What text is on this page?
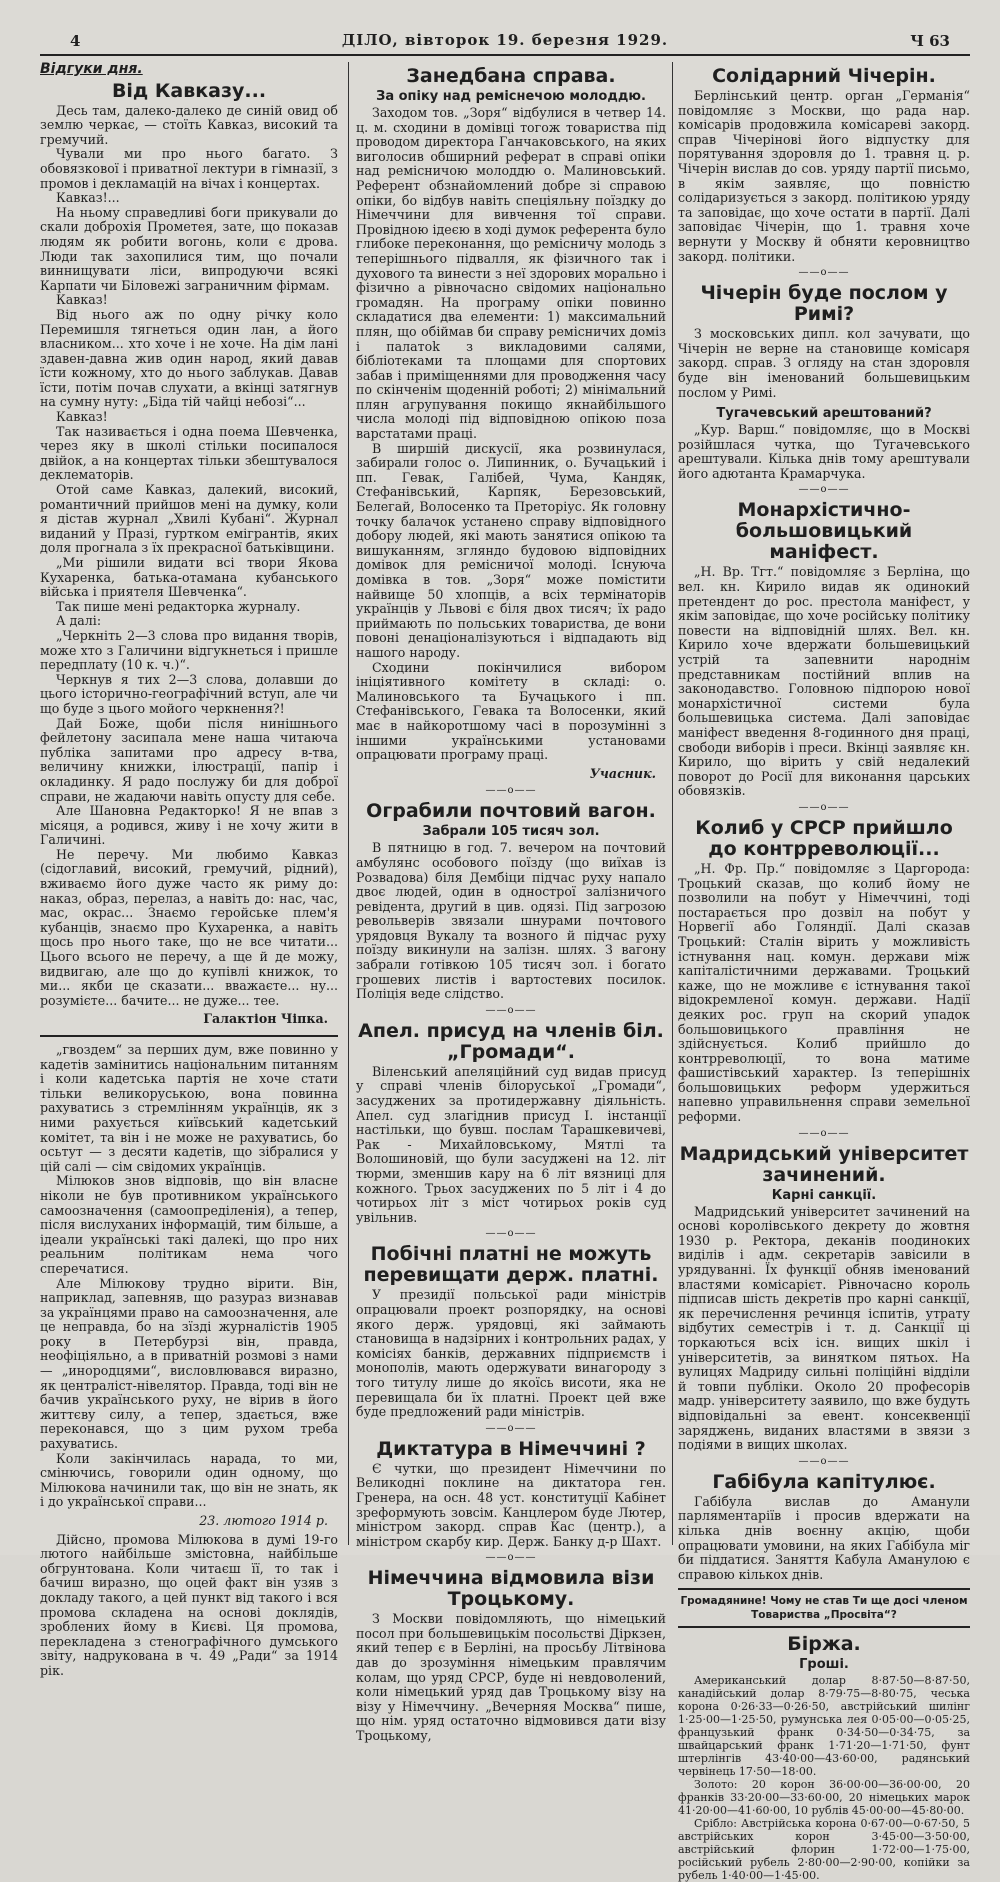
4	ДІЛО, вівторок 19. березня 1929.	Ч 63
Відгуки дня.
Від Кавказу...

Десь там, далеко-далеко де синій овид об землю черкає, — стоїть Кавказ, високий та гремучий.

Чували ми про нього багато. З обовязкової і приватної лектури в гімназії, з промов і декламацій на вічах і концертах.

Кавказ!...

На ньому справедливі боги прикували до скали доброхія Прометея, зате, що показав людям як робити вогонь, коли є дрова. Люди так захопилися тим, що почали виннищувати ліси, випродуючи всякі Карпати чи Біловежі заграничним фірмам.

Кавказ!

Від нього аж по одну річку коло Перемишля тягнеться один лан, а його власником... хто хоче і не хоче. На дім лані здавен-давна жив один народ, який давав їсти кожному, хто до нього заблукав. Давав їсти, потім почав слухати, а вкінці затягнув на сумну нуту: „Біда тій чайці небозі“...

Кавказ!

Так називається і одна поема Шевченка, через яку в школі стільки посипалося двійок, а на концертах тільки збештувалося деклематорів.

Отой саме Кавказ, далекий, високий, романтичний прийшов мені на думку, коли я дістав журнал „Хвилі Кубані“. Журнал виданий у Празі, гуртком емігрантів, яких доля прогнала з їх прекрасної батьківщини.

„Ми рішили видати всі твори Якова Кухаренка, батька-отамана кубанського війська і приятеля Шевченка“.

Так пише мені редакторка журналу.

А далі:

„Черкніть 2—3 слова про видання творів, може хто з Галичини відгукнеться і пришле передплату (10 к. ч.)“.

Черкнув я тих 2—3 слова, долавши до цього історично-географічний вступ, але чи що буде з цього мойого черкнення?!

Дай Боже, щоби після нинішнього фейлетону засипала мене наша читаюча публіка запитами про адресу в-тва, величину книжки, ілюстрації, папір і окладинку. Я радо послужу би для доброї справи, не жадаючи навіть опусту для себе.

Але Шановна Редакторко! Я не впав з місяця, а родився, живу і не хочу жити в Галичині.

Не перечу. Ми любимо Кавказ (сідоглавий, високий, гремучий, рідний), вживаємо його дуже часто як риму до: наказ, образ, перелаз, а навіть до: нас, час, мас, окрас... Знаємо геройське плем'я кубанців, знаємо про Кухаренка, а навіть щось про нього таке, що не все читати... Цього всього не перечу, а ще й де можу, видвигаю, але що до купівлі книжок, то ми... якби це сказати... вважаєте... ну... розумієте... бачите... не дуже... тее.

Галактіон Чіпка.

„гвоздем“ за перших дум, вже повинно у кадетів замінитись національним питанням і коли кадетська партія не хоче стати тільки великоруською, вона повинна рахуватись з стремлінням українців, як з ними рахується київський кадетський комітет, та він і не може не рахуватись, бо осьтут — з десяти кадетів, що зібралися у цій салі — сім свідомих українців.

Мілюков знов відповів, що він власне ніколи не був противником українського самоозначення (самоопреділенія), а тепер, після вислуханих інформацій, тим більше, а ідеали українські такі далекі, що про них реальним політикам нема чого сперечатися.

Але Мілюкову трудно вірити. Він, наприклад, запевняв, що разураз визнавав за українцями право на самоозначення, але це неправда, бо на зїзді журналістів 1905 року в Петербурзі він, правда, неофіціяльно, а в приватній розмові з нами — „инородцями“, висловлювався виразно, як централіст-нівелятор. Правда, тоді він не бачив українського руху, не вірив в його життєву силу, а тепер, здається, вже переконався, що з цим рухом треба рахуватись.

Коли закінчилась нарада, то ми, смінючись, говорили один одному, що Мілюкова начинили так, що він не знать, як і до української справи...

23. лютого 1914 р.

Дійсно, промова Мілюкова в думі 19-го лютого найбільше змістовна, найбільше обгрунтована. Коли читаєш її, то так і бачиш виразно, що оцей факт він узяв з докладу такого, а цей пункт від такого і вся промова складена на основі доклядів, зроблених йому в Києві. Ця промова, перекладена з стенографічного думського звіту, надрукована в ч. 49 „Ради“ за 1914 рік.

Занедбана справа.
За опіку над реміснечою молоддю.

Заходом тов. „Зоря“ відбулися в четвер 14. ц. м. сходини в домівці тогож товариства під проводом директора Ганчаковського, на яких виголосив обширний реферат в справі опіки над ремісничою молоддю о. Малиновський. Референт обзнайомлений добре зі справою опіки, бо відбув навіть спеціяльну поїздку до Німеччини для вивчення тої справи. Провідною ідеєю в ході думок референта було глибоке переконання, що ремісничу молодь з теперішнього підвалля, як фізичного так і духового та винести з неї здорових морально і фізично а рівночасно свідомих національно громадян. На програму опіки повинно складатися два елементи: 1) максимальний плян, що обіймав би справу ремісничих доміз і палатоk з викладовими салями, бібліотеками та площами для спортових забав і приміщеннями для проводження часу по скінченім щоденній роботі; 2) мінімальний плян агрупування покищо якнайбільшого числа молоді під відповідною опікою поза варстатами праці.

В ширшій дискусії, яка розвинулася, забирали голос о. Липинник, о. Бучацький і пп. Гевак, Галібей, Чума, Кандяк, Стефанівський, Карпяк, Березовський, Белегай, Волосенко та Преторіус. Як головну точку балачок устанено справу відповідного добору людей, які мають занятися опікою та вишуканням, згляндо будовою відповідних домівок для ремісничої молоді. Існуюча домівка в тов. „Зоря“ може помістити найвище 50 хлопців, а всіх термінаторів українців у Львові є біля двох тисяч; їх радо приймають по польських товариства, де вони повоні денаціоналізуються і відпадають від нашого народу.

Сходини покінчилися вибором ініціятивного комітету в складі: о. Малиновського та Бучацького і пп. Стефанівського, Гевака та Волосенки, який має в найкоротшому часі в порозумінні з іншими українськими установами опрацювати програму праці.

Учасник.
——o——
Ограбили почтовий вагон.
Забрали 105 тисяч зол.

В пятницю в год. 7. вечером на почтовий амбулянс особового поїзду (що виїхав із Розвадова) біля Дембіци підчас руху напало двоє людей, один в однострої залізничого ревідента, другий в цив. одязі. Під загрозою револьверів звязали шнурами почтового урядовця Вукалу та возного й підчас руху поїзду викинули на залізн. шлях. З вагону забрали готівкою 105 тисяч зол. і богато грошевих листів і вартостевих посилок. Поліція веде слідство.

——o——
Апел. присуд на членів біл. „Громади“.

Віленський апеляційний суд видав присуд у справі членів білоруської „Громади“, засуджених за протидержавну діяльність. Апел. суд злагіднив присуд I. інстанції настільки, що бувш. послам Тарашкевичеві, Рак - Михайловському, Мятлі та Волошиновій, що були засуджені на 12. літ тюрми, зменшив кару на 6 літ вязниці для кожного. Трьох засуджених по 5 літ і 4 до чотирьох літ з міст чотирьох років суд увільнив.

——o——
Побічні платні не можуть перевищати держ. платні.

У президії польської ради міністрів опрацювали проект розпорядку, на основі якого держ. урядовці, які займають становища в надзірних і контрольних радах, у комісіях банків, державних підприємств і монополів, мають одержувати винагороду з того титулу лише до якоїсь висоти, яка не перевищала би їх платні. Проект цей вже буде предложений ради міністрів.

——o——
Диктатура в Німеччині ?

Є чутки, що президент Німеччини по Великодні поклине на диктатора ген. Гренера, на осн. 48 уст. конституції Кабінет зреформують зовсім. Канцлером буде Лютер, міністром закорд. справ Кас (центр.), а міністром скарбу кир. Держ. Банку д-р Шахт.

——o——
Німеччина відмовила візи Троцькому.

З Москви повідомляють, що німецький посол при большевицькім посольстві Діркзен, який тепер є в Берліні, на просьбу Літвінова дав до зрозуміння німецьким правлячим колам, що уряд СРСР, буде ні невдоволений, коли німецький уряд дав Троцькому візу на візу у Німеччину. „Вечерняя Москва“ пише, що нім. уряд остаточно відмовився дати візу Троцькому,

Солідарний Чічерін.

Берлінський центр. орган „Германія“ повідомляє з Москви, що рада нар. комісарів продовжила комісареві закорд. справ Чічеріновi його відпустку для порятування здоровля до 1. травня ц. р. Чічерін вислав до сов. уряду партії письмо, в якім заявляє, що повністю солідаризується з закорд. політикою уряду та заповідає, що хоче остати в партії. Далі заповідає Чічерін, що 1. травня хоче вернути у Москву й обняти керовництво закорд. політики.

——o——
Чічерін буде послом у Римі?

З московських дипл. кол зачувати, що Чічерін не верне на становище комісаря закорд. справ. З огляду на стан здоровля буде він іменований большевицьким послом у Римі.

Тугачевський арештований?

„Кур. Варш.“ повідомляє, що в Москві розійшлася чутка, що Тугачевського арештували. Кілька днів тому арештували його адютанта Крамарчука.

——o——
Монархістично-большовицький маніфест.

„Н. Вр. Тгт.“ повідомляє з Берліна, що вел. кн. Кирило видав як одинокий претендент до рос. престола маніфест, у якім заповідає, що хоче російську політику повести на відповідній шлях. Вел. кн. Кирило хоче вдержати большевицький устрій та запевнити народнім представникам постійний вплив на законодавство. Головною підпорою нової монархістичної системи була большевицька система. Далі заповідає маніфест введення 8-годинного дня праці, свободи виборів і преси. Вкінці заявляє кн. Кирило, що вірить у свій недалекий поворот до Росії для виконання царських обовязків.

——o——
Колиб у СРСР прийшло до контрреволюції...

„Н. Фр. Пр.“ повідомляє з Царгорода: Троцький сказав, що колиб йому не позволили на побут у Німеччині, тоді постарається про дозвіл на побут у Норвегії або Голяндії. Далі сказав Троцький: Сталін вірить у можливість істнування нац. комун. держави між капіталістичними державами. Троцький каже, що не можливе є істнування такої відокремленої комун. держави. Надії деяких рос. груп на скорий упадок большовицького правління не здійснується. Колиб прийшло до контрреволюції, то вона матиме фашистівський характер. Із теперішніх большовицьких реформ удержиться напевно управильнення справи земельної реформи.

——o——
Мадридський університет зачинений.
Карні санкції.

Мадридський університет зачинений на основі королівського декрету до жовтня 1930 р. Ректора, деканів поодиноких виділів і адм. секретарів завісили в урядуванні. Їх функції обняв іменований властями комісарієт. Рівночасно король підписав шість декретів про карні санкції, як перечислення речинця іспитів, утрату відбутих семестрів і т. д. Санкції ці торкаються всіх існ. вищих шкіл і університетів, за винятком пятьох. На вулицях Мадриду сильні поліційні відділи й товпи публіки. Около 20 професорів мадр. університету заявило, що вже будуть відповідальні за евент. консеквенції заряджень, виданих властями в звязи з подіями в вищих школах.

——o——
Габібула капітулює.

Габібула вислав до Аманули парляментаріїв і просив вдержати на кілька днів воєнну акцію, щоби опрацювати умовини, на яких Габібула міг би піддатися. Заняття Кабула Аманулою є справою кількох днів.

Громадянине! Чому не став Ти ще досі членом Товариства „Просвіта“?
Біржа.
Гроші.

Американський долар 8·87·50—8·87·50, канадійський долар 8·79·75—8·80·75, чеська корона 0·26·33—0·26·50, австрійський шилінг 1·25·00—1·25·50, румунська лея 0·05·00—0·05·25, французький франк 0·34·50—0·34·75, за швайцарський франк 1·71·20—1·71·50, фунт штерлінгів 43·40·00—43·60·00, радянський червінець 17·50—18·00.

Золото: 20 корон 36·00·00—36·00·00, 20 франків 33·20·00—33·60·00, 20 німецьких марок 41·20·00—41·60·00, 10 рублів 45·00·00—45·80·00.

Срібло: Австрійська корона 0·67·00—0·67·50, 5 австрійських корон 3·45·00—3·50·00, австрійський флорин 1·72·00—1·75·00, російський рубель 2·80·00—2·90·00, копійки за рубель 1·40·00—1·45·00.
